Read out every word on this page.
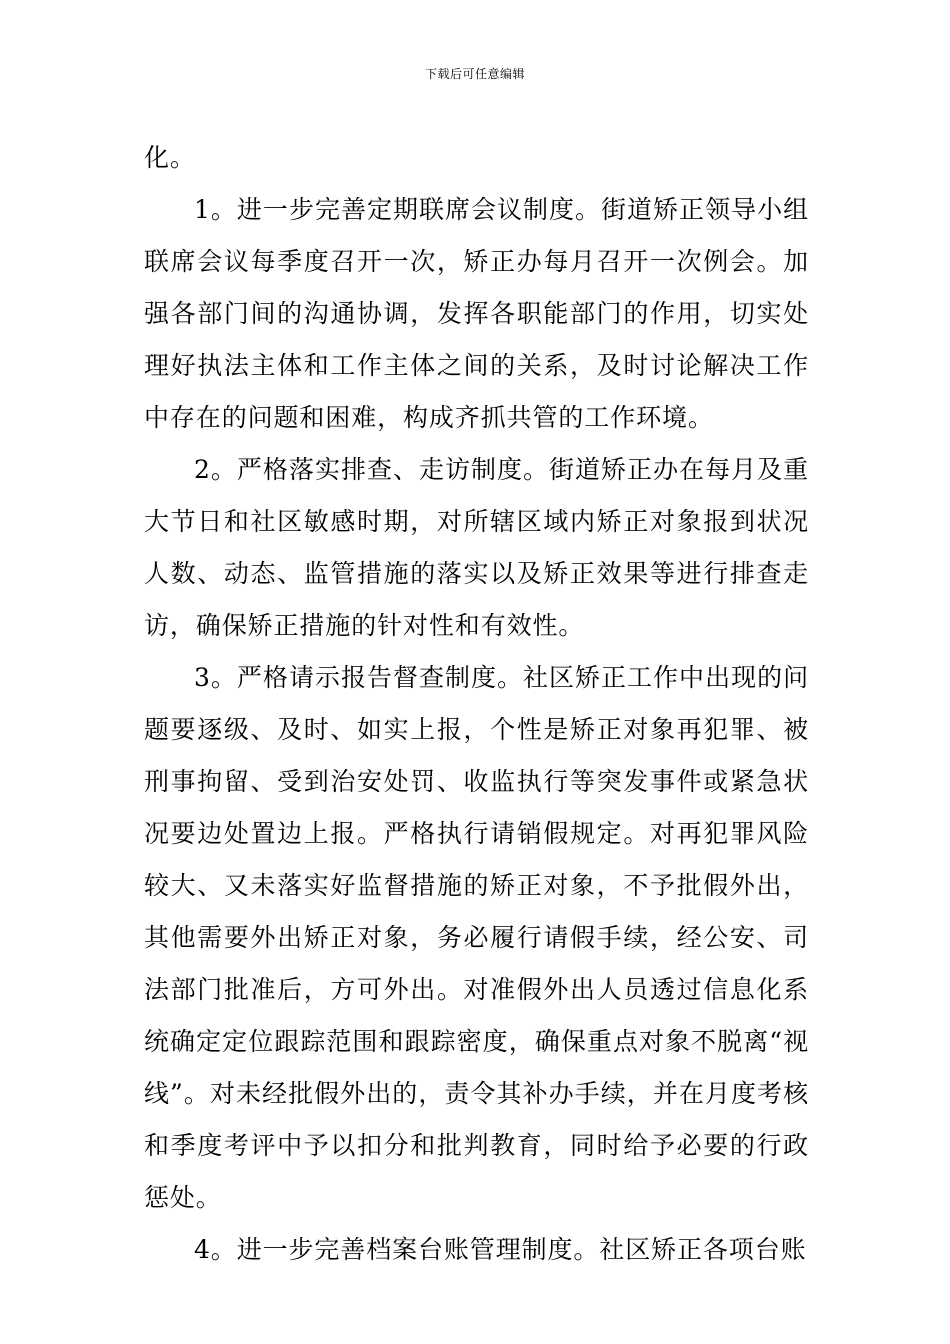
下载后可任意编辑

化。

1。进一步完善定期联席会议制度。街道矫正领导小组联席会议每季度召开一次，矫正办每月召开一次例会。加强各部门间的沟通协调，发挥各职能部门的作用，切实处理好执法主体和工作主体之间的关系，及时讨论解决工作中存在的问题和困难，构成齐抓共管的工作环境。

2。严格落实排查、走访制度。街道矫正办在每月及重大节日和社区敏感时期，对所辖区域内矫正对象报到状况人数、动态、监管措施的落实以及矫正效果等进行排查走访，确保矫正措施的针对性和有效性。

3。严格请示报告督查制度。社区矫正工作中出现的问题要逐级、及时、如实上报，个性是矫正对象再犯罪、被刑事拘留、受到治安处罚、收监执行等突发事件或紧急状况要边处置边上报。严格执行请销假规定。对再犯罪风险较大、又未落实好监督措施的矫正对象，不予批假外出，其他需要外出矫正对象，务必履行请假手续，经公安、司法部门批准后，方可外出。对准假外出人员透过信息化系统确定定位跟踪范围和跟踪密度，确保重点对象不脱离“视线”。对未经批假外出的，责令其补办手续，并在月度考核和季度考评中予以扣分和批判教育，同时给予必要的行政惩处。

4。进一步完善档案台账管理制度。社区矫正各项台账
